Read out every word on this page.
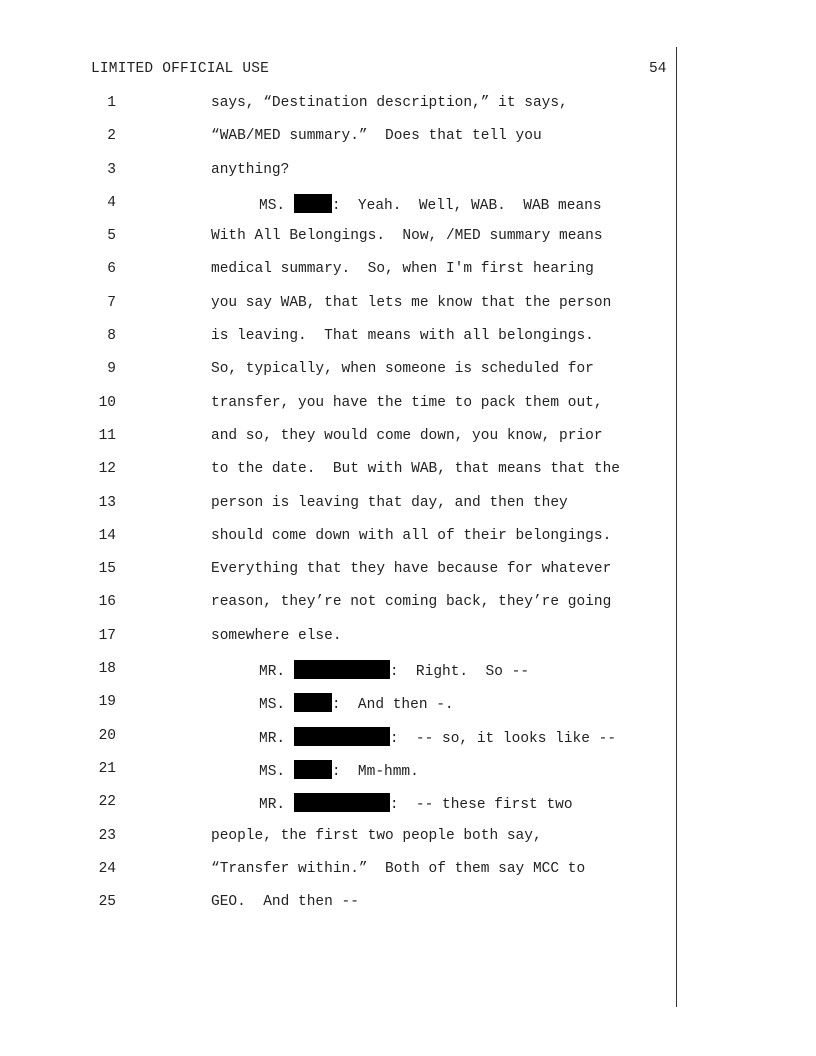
LIMITED OFFICIAL USE	54
1	says, “Destination description,” it says,
2	“WAB/MED summary.”  Does that tell you
3	anything?
4	MS.	:  Yeah.  Well, WAB.  WAB means
5	With All Belongings.  Now, /MED summary means
6	medical summary.  So, when I'm first hearing
7	you say WAB, that lets me know that the person
8	is leaving.  That means with all belongings.
9	So, typically, when someone is scheduled for
10	transfer, you have the time to pack them out,
11	and so, they would come down, you know, prior
12	to the date.  But with WAB, that means that the
13	person is leaving that day, and then they
14	should come down with all of their belongings.
15	Everything that they have because for whatever
16	reason, they’re not coming back, they’re going
17	somewhere else.
18	MR.	:  Right.  So --
19	MS.	:  And then -.
20	MR.	:  -- so, it looks like --
21	MS.	:  Mm-hmm.
22	MR.	:  -- these first two
23	people, the first two people both say,
24	“Transfer within.”  Both of them say MCC to
25	GEO.  And then --
